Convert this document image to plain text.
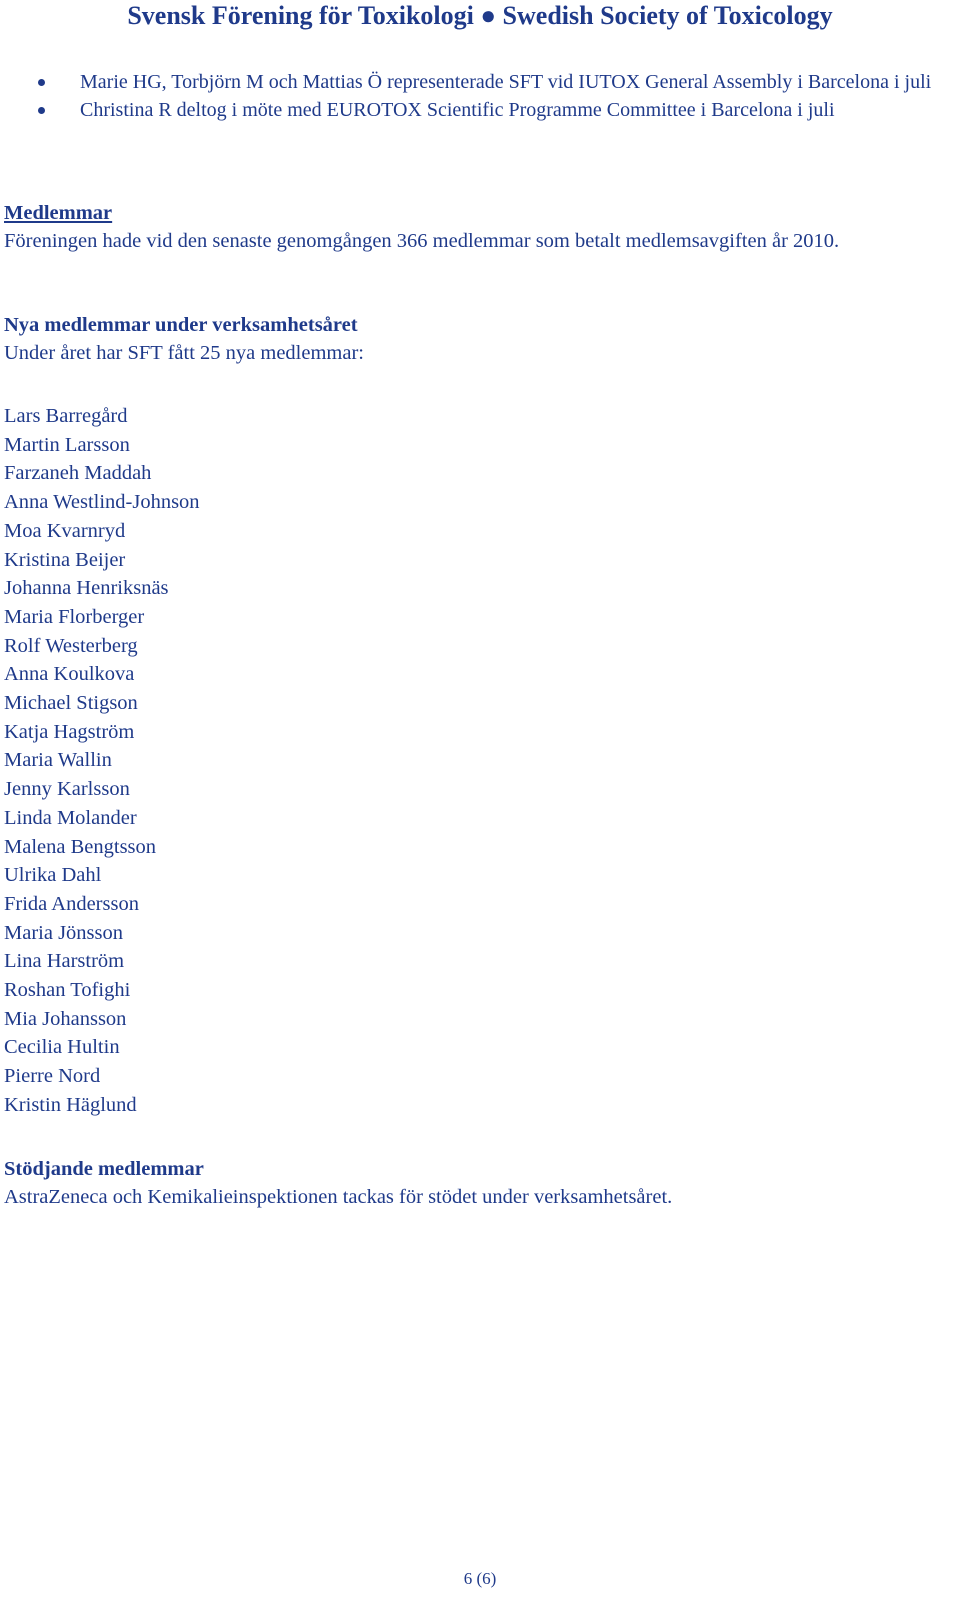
Svensk Förening för Toxikologi ● Swedish Society of Toxicology
Marie HG, Torbjörn M och Mattias Ö representerade SFT vid IUTOX General Assembly i Barcelona i juli
Christina R deltog i möte med EUROTOX Scientific Programme Committee i Barcelona i juli
Medlemmar
Föreningen hade vid den senaste genomgången 366 medlemmar som betalt medlemsavgiften år 2010.
Nya medlemmar under verksamhetsåret
Under året har SFT fått 25 nya medlemmar:
Lars Barregård
Martin Larsson
Farzaneh Maddah
Anna Westlind-Johnson
Moa Kvarnryd
Kristina Beijer
Johanna Henriksnäs
Maria Florberger
Rolf Westerberg
Anna Koulkova
Michael Stigson
Katja Hagström
Maria Wallin
Jenny Karlsson
Linda Molander
Malena Bengtsson
Ulrika Dahl
Frida Andersson
Maria Jönsson
Lina Harström
Roshan Tofighi
Mia Johansson
Cecilia Hultin
Pierre Nord
Kristin Häglund
Stödjande medlemmar
AstraZeneca och Kemikalieinspektionen tackas för stödet under verksamhetsåret.
6 (6)
